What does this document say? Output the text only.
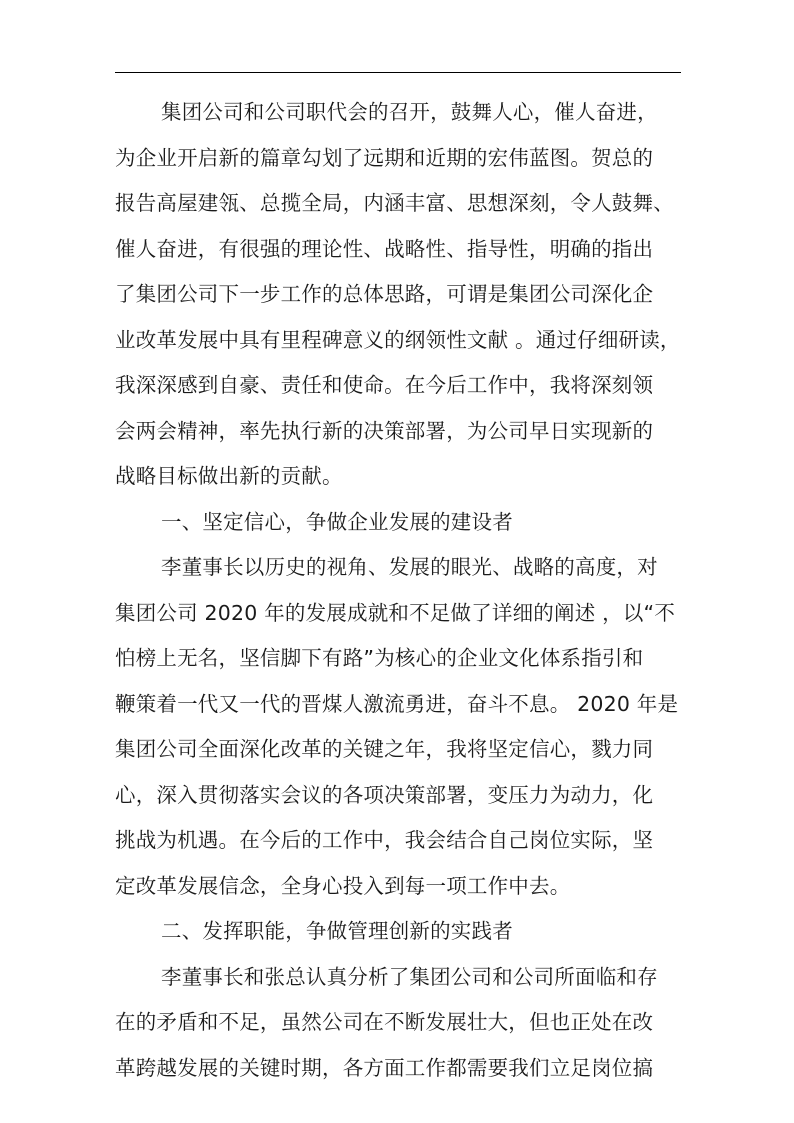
集团公司和公司职代会的召开，鼓舞人心，催人奋进，
为企业开启新的篇章勾划了远期和近期的宏伟蓝图。贺总的
报告高屋建瓴、总揽全局，内涵丰富、思想深刻，令人鼓舞、
催人奋进，有很强的理论性、战略性、指导性，明确的指出
了集团公司下一步工作的总体思路，可谓是集团公司深化企
业改革发展中具有里程碑意义的纲领性文献 。通过仔细研读，
我深深感到自豪、责任和使命。在今后工作中，我将深刻领
会两会精神，率先执行新的决策部署，为公司早日实现新的
战略目标做出新的贡献。
一、坚定信心，争做企业发展的建设者
李董事长以历史的视角、发展的眼光、战略的高度，对
集团公司 2020 年的发展成就和不足做了详细的阐述 ，以“不
怕榜上无名，坚信脚下有路”为核心的企业文化体系指引和
鞭策着一代又一代的晋煤人激流勇进，奋斗不息。 2020 年是
集团公司全面深化改革的关键之年，我将坚定信心，戮力同
心，深入贯彻落实会议的各项决策部署，变压力为动力，化
挑战为机遇。在今后的工作中，我会结合自己岗位实际，坚
定改革发展信念，全身心投入到每一项工作中去。
二、发挥职能，争做管理创新的实践者
李董事长和张总认真分析了集团公司和公司所面临和存
在的矛盾和不足，虽然公司在不断发展壮大，但也正处在改
革跨越发展的关键时期，各方面工作都需要我们立足岗位搞
